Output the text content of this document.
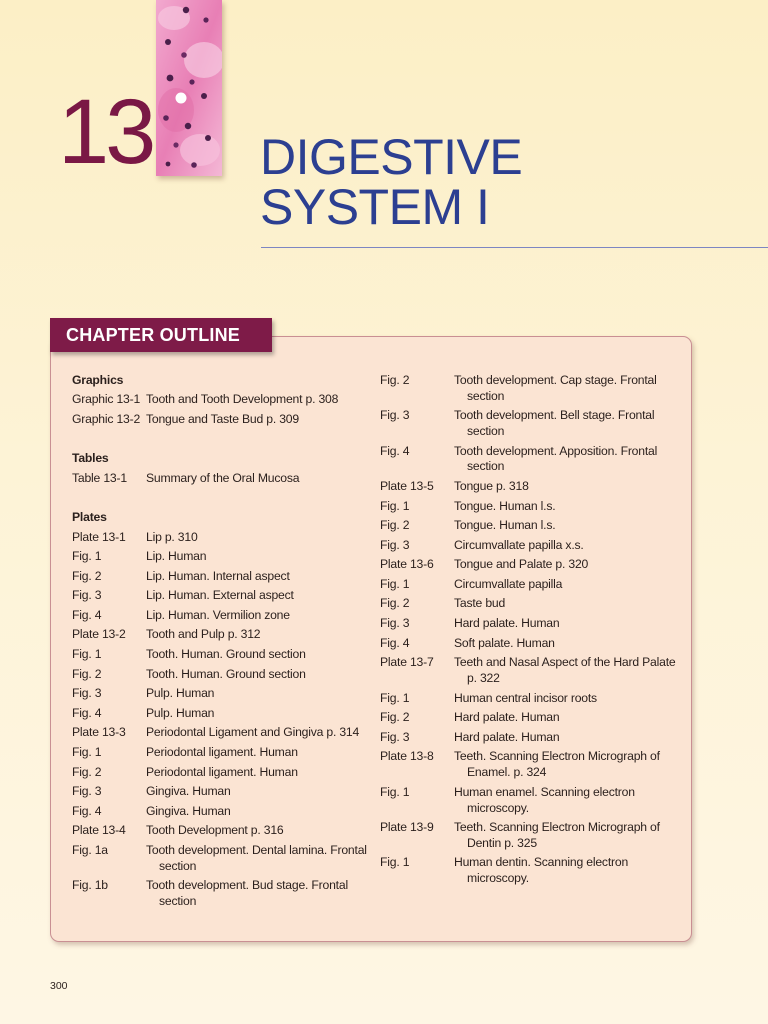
13 DIGESTIVE
SYSTEM I
CHAPTER OUTLINE
Graphics
Graphic 13-1 Tooth and Tooth Development p. 308
Graphic 13-2 Tongue and Taste Bud p. 309
Tables
Table 13-1	Summary of the Oral Mucosa
Plates
Plate 13-1	Lip p. 310
Fig. 1	Lip. Human
Fig. 2	Lip. Human. Internal aspect
Fig. 3	Lip. Human. External aspect
Fig. 4	Lip. Human. Vermilion zone
Plate 13-2	Tooth and Pulp p. 312
Fig. 1	Tooth. Human. Ground section
Fig. 2	Tooth. Human. Ground section
Fig. 3	Pulp. Human
Fig. 4	Pulp. Human
Plate 13-3	Periodontal Ligament and Gingiva p. 314
Fig. 1	Periodontal ligament. Human
Fig. 2	Periodontal ligament. Human
Fig. 3	Gingiva. Human
Fig. 4	Gingiva. Human
Plate 13-4	Tooth Development p. 316
Fig. 1a	Tooth development. Dental lamina. Frontal section
Fig. 1b	Tooth development. Bud stage. Frontal section
Fig. 2	Tooth development. Cap stage. Frontal section
Fig. 3	Tooth development. Bell stage. Frontal section
Fig. 4	Tooth development. Apposition. Frontal section
Plate 13-5	Tongue p. 318
Fig. 1	Tongue. Human l.s.
Fig. 2	Tongue. Human l.s.
Fig. 3	Circumvallate papilla x.s.
Plate 13-6	Tongue and Palate p. 320
Fig. 1	Circumvallate papilla
Fig. 2	Taste bud
Fig. 3	Hard palate. Human
Fig. 4	Soft palate. Human
Plate 13-7	Teeth and Nasal Aspect of the Hard Palate p. 322
Fig. 1	Human central incisor roots
Fig. 2	Hard palate. Human
Fig. 3	Hard palate. Human
Plate 13-8	Teeth. Scanning Electron Micrograph of Enamel. p. 324
Fig. 1	Human enamel. Scanning electron microscopy.
Plate 13-9	Teeth. Scanning Electron Micrograph of Dentin p. 325
Fig. 1	Human dentin. Scanning electron microscopy.
300
